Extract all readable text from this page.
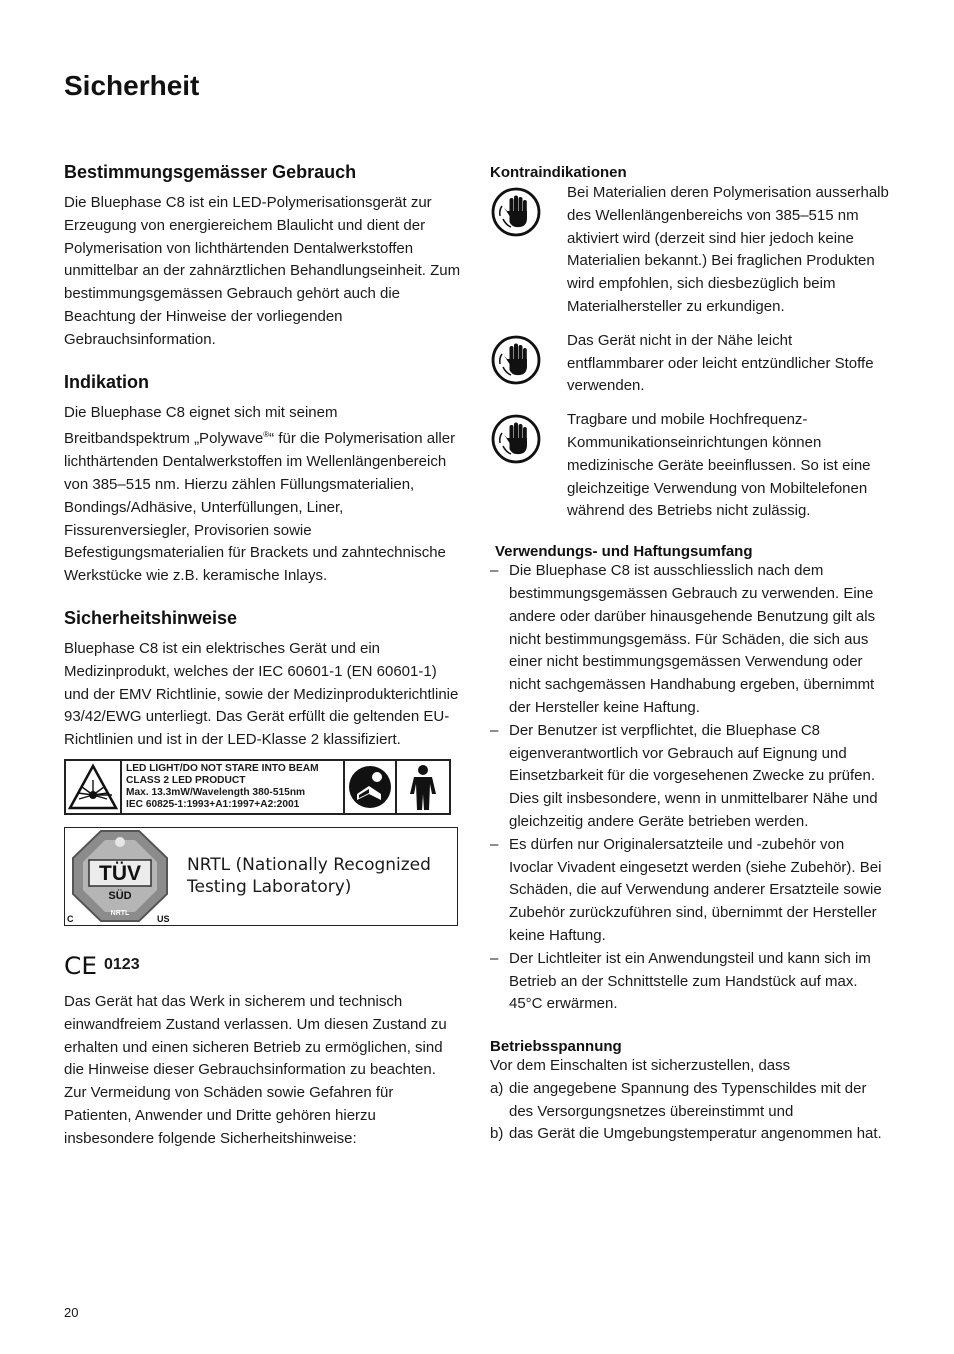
Sicherheit
Bestimmungsgemässer Gebrauch

Die Bluephase C8 ist ein LED-Polymerisationsgerät zur Erzeugung von energiereichem Blaulicht und dient der Polymerisation von lichthärtenden Dentalwerkstoffen unmittelbar an der zahnärztlichen Behandlungseinheit. Zum bestimmungsgemässen Gebrauch gehört auch die Beachtung der Hinweise der vorliegenden Gebrauchsinformation.

Indikation

Die Bluephase C8 eignet sich mit seinem Breitbandspektrum „Polywave®“ für die Polymerisation aller lichthärtenden Dentalwerkstoffen im Wellenlängenbereich von 385–515 nm. Hierzu zählen Füllungsmaterialien, Bondings/Adhäsive, Unterfüllungen, Liner, Fissurenversiegler, Provisorien sowie Befestigungsmaterialien für Brackets und zahntechnische Werkstücke wie z.B. keramische Inlays.

Sicherheitshinweise

Bluephase C8 ist ein elektrisches Gerät und ein Medizinprodukt, welches der IEC 60601-1 (EN 60601-1) und der EMV Richtlinie, sowie der Medizinprodukterichtlinie 93/42/EWG unterliegt. Das Gerät erfüllt die geltenden EU-Richtlinien und ist in der LED-Klasse 2 klassifiziert.

LED LIGHT/DO NOT STARE INTO BEAM
CLASS 2 LED PRODUCT
Max. 13.3mW/Wavelength 380-515nm
IEC 60825-1:1993+A1:1997+A2:2001
TÜV
SÜD
NRTL
C	US
NRTL (Nationally Recognized Testing Laboratory)
CE 0123

Das Gerät hat das Werk in sicherem und technisch einwandfreiem Zustand verlassen. Um diesen Zustand zu erhalten und einen sicheren Betrieb zu ermöglichen, sind die Hinweise dieser Gebrauchsinformation zu beachten. Zur Vermeidung von Schäden sowie Gefahren für Patienten, Anwender und Dritte gehören hierzu insbesondere folgende Sicherheitshinweise:

Kontraindikationen

Bei Materialien deren Polymerisation ausserhalb des Wellenlängenbereichs von 385–515 nm aktiviert wird (derzeit sind hier jedoch keine Materialien bekannt.) Bei fraglichen Produkten wird empfohlen, sich diesbezüglich beim Materialhersteller zu erkundigen.

Das Gerät nicht in der Nähe leicht entflammbarer oder leicht entzündlicher Stoffe verwenden.

Tragbare und mobile Hochfrequenz-Kommunikationseinrichtungen können medizinische Geräte beeinflussen. So ist eine gleichzeitige Verwendung von Mobiltelefonen während des Betriebs nicht zulässig.

Verwendungs- und Haftungsumfang
– Die Bluephase C8 ist ausschliesslich nach dem bestimmungsgemässen Gebrauch zu verwenden. Eine andere oder darüber hinausgehende Benutzung gilt als nicht bestimmungsgemäss. Für Schäden, die sich aus einer nicht bestimmungsgemässen Verwendung oder nicht sachgemässen Handhabung ergeben, übernimmt der Hersteller keine Haftung.
– Der Benutzer ist verpflichtet, die Bluephase C8 eigenverantwortlich vor Gebrauch auf Eignung und Einsetzbarkeit für die vorgesehenen Zwecke zu prüfen. Dies gilt insbesondere, wenn in unmittelbarer Nähe und gleichzeitig andere Geräte betrieben werden.
– Es dürfen nur Originalersatzteile und -zubehör von Ivoclar Vivadent eingesetzt werden (siehe Zubehör). Bei Schäden, die auf Verwendung anderer Ersatzteile sowie Zubehör zurückzuführen sind, übernimmt der Hersteller keine Haftung.
– Der Lichtleiter ist ein Anwendungsteil und kann sich im Betrieb an der Schnittstelle zum Handstück auf max. 45°C erwärmen.
Betriebsspannung

Vor dem Einschalten ist sicherzustellen, dass

a) die angegebene Spannung des Typenschildes mit der des Versorgungsnetzes übereinstimmt und
b) das Gerät die Umgebungstemperatur angenommen hat.
20
